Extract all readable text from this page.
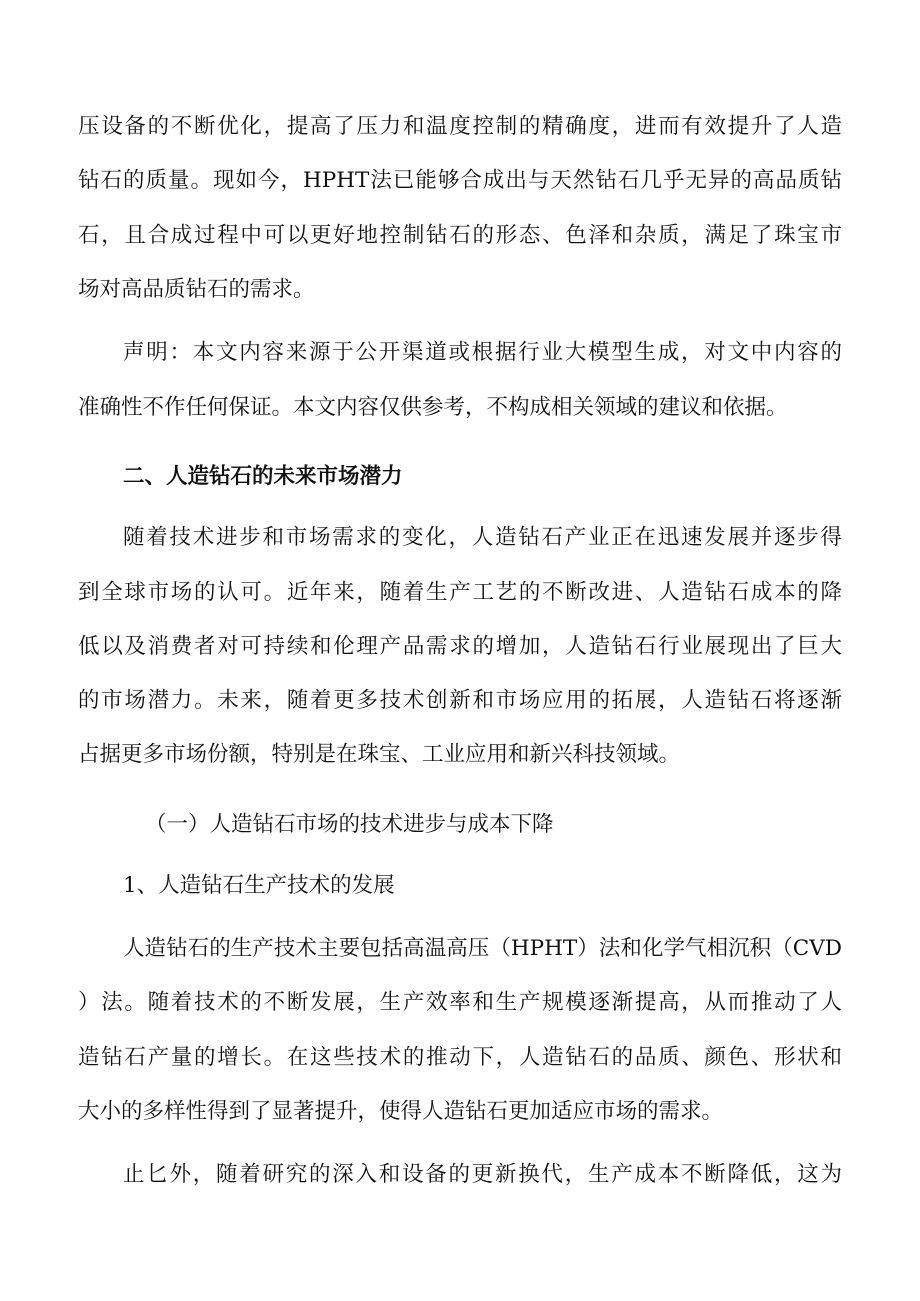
压设备的不断优化，提高了压力和温度控制的精确度，进而有效提升了人造
钻石的质量。现如今，HPHT法已能够合成出与天然钻石几乎无异的高品质钻
石，且合成过程中可以更好地控制钻石的形态、色泽和杂质，满足了珠宝市
场对高品质钻石的需求。
声明：本文内容来源于公开渠道或根据行业大模型生成，对文中内容的
准确性不作任何保证。本文内容仅供参考，不构成相关领域的建议和依据。
二、人造钻石的未来市场潜力
随着技术进步和市场需求的变化，人造钻石产业正在迅速发展并逐步得
到全球市场的认可。近年来，随着生产工艺的不断改进、人造钻石成本的降
低以及消费者对可持续和伦理产品需求的增加，人造钻石行业展现出了巨大
的市场潜力。未来，随着更多技术创新和市场应用的拓展，人造钻石将逐渐
占据更多市场份额，特别是在珠宝、工业应用和新兴科技领域。
（一）人造钻石市场的技术进步与成本下降
1、人造钻石生产技术的发展
人造钻石的生产技术主要包括高温高压（HPHT）法和化学气相沉积（CVD
）法。随着技术的不断发展，生产效率和生产规模逐渐提高，从而推动了人
造钻石产量的增长。在这些技术的推动下，人造钻石的品质、颜色、形状和
大小的多样性得到了显著提升，使得人造钻石更加适应市场的需求。
止匕外，随着研究的深入和设备的更新换代，生产成本不断降低，这为
